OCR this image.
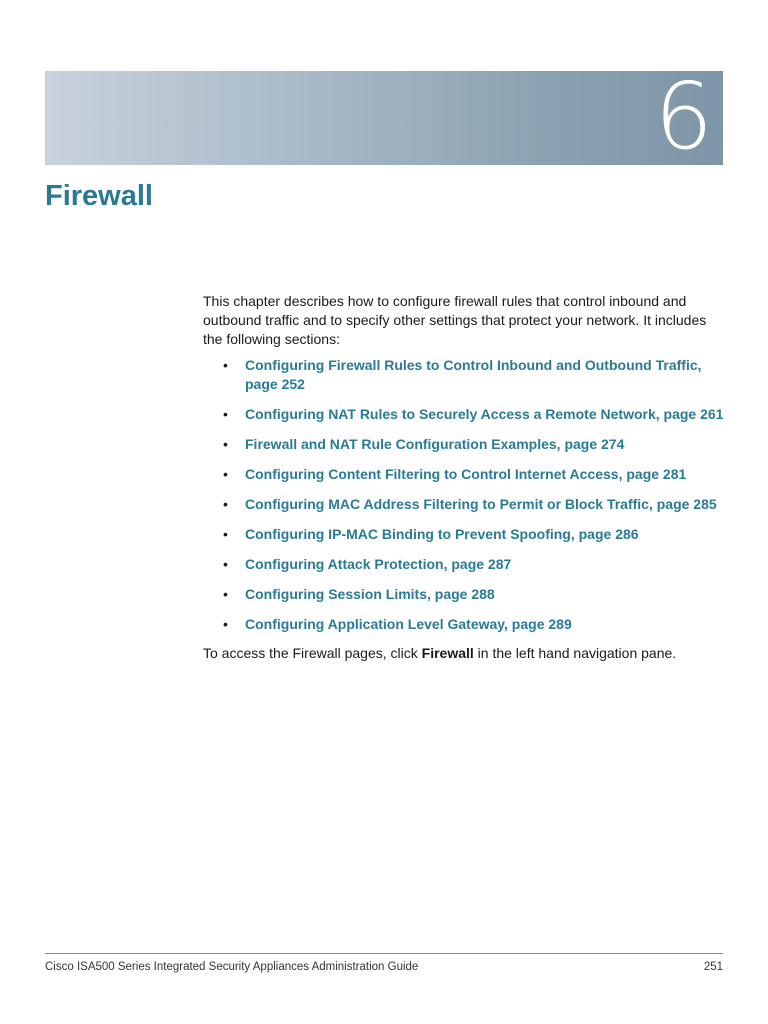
6
Firewall

This chapter describes how to configure firewall rules that control inbound and outbound traffic and to specify other settings that protect your network. It includes the following sections:

• Configuring Firewall Rules to Control Inbound and Outbound Traffic, page 252
• Configuring NAT Rules to Securely Access a Remote Network, page 261
• Firewall and NAT Rule Configuration Examples, page 274
• Configuring Content Filtering to Control Internet Access, page 281
• Configuring MAC Address Filtering to Permit or Block Traffic, page 285
• Configuring IP-MAC Binding to Prevent Spoofing, page 286
• Configuring Attack Protection, page 287
• Configuring Session Limits, page 288
• Configuring Application Level Gateway, page 289

To access the Firewall pages, click Firewall in the left hand navigation pane.

Cisco ISA500 Series Integrated Security Appliances Administration Guide	251
